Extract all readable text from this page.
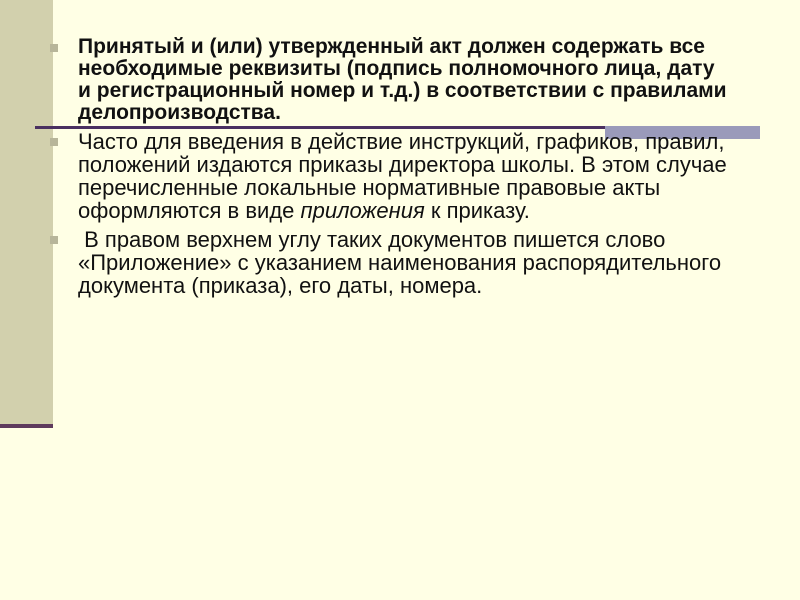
Принятый и (или) утвержденный акт должен содержать все необходимые реквизиты (подпись полномочного лица, дату и регистрационный номер и т.д.) в соответствии с правилами делопроизводства.
Часто для введения в действие инструкций, графиков, правил, положений издаются приказы директора школы. В этом случае перечисленные локальные нормативные правовые акты оформляются в виде приложения к приказу.
В правом верхнем углу таких документов пишется слово «Приложение» с указанием наименования распорядительного документа (приказа), его даты, номера.
